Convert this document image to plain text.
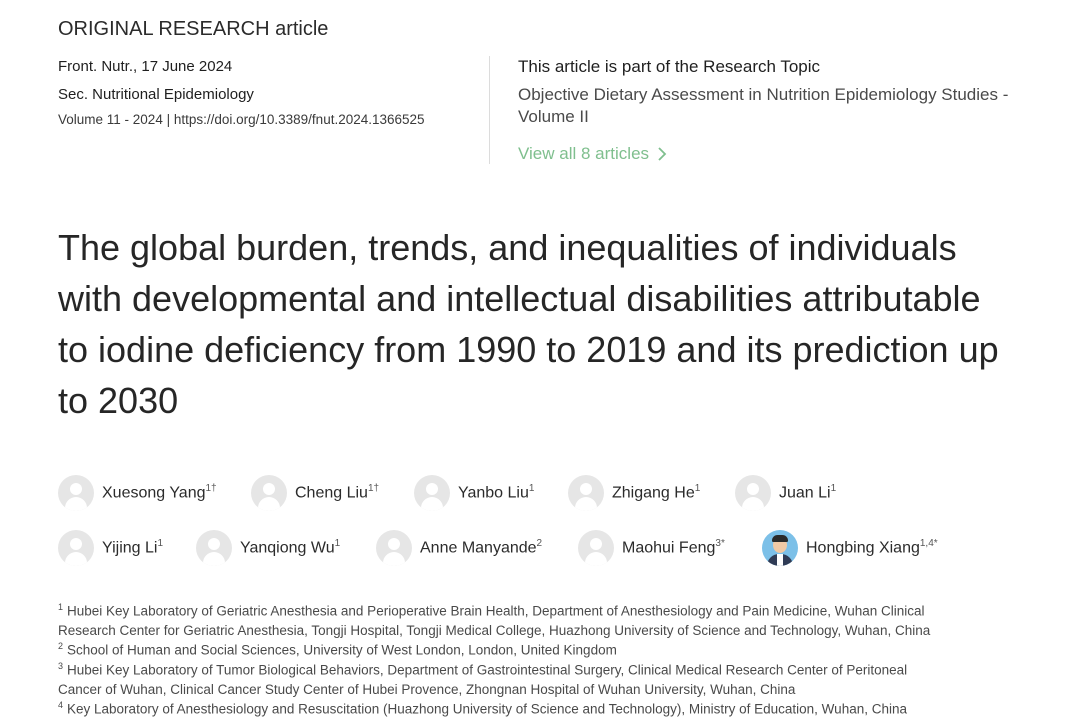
ORIGINAL RESEARCH article
Front. Nutr., 17 June 2024
Sec. Nutritional Epidemiology
Volume 11 - 2024 | https://doi.org/10.3389/fnut.2024.1366525
This article is part of the Research Topic
Objective Dietary Assessment in Nutrition Epidemiology Studies - Volume II
View all 8 articles
The global burden, trends, and inequalities of individuals with developmental and intellectual disabilities attributable to iodine deficiency from 1990 to 2019 and its prediction up to 2030
Xuesong Yang$^{1\dagger}$	Cheng Liu$^{1\dagger}$	Yanbo Liu$^1$	Zhigang He$^1$	Juan Li$^1$
Yijing Li$^1$	Yanqiong Wu$^1$	Anne Manyande$^2$	Maohui Feng$^{3*}$	Hongbing Xiang$^{1,4*}$
$^1$ Hubei Key Laboratory of Geriatric Anesthesia and Perioperative Brain Health, Department of Anesthesiology and Pain Medicine, Wuhan Clinical
Research Center for Geriatric Anesthesia, Tongji Hospital, Tongji Medical College, Huazhong University of Science and Technology, Wuhan, China
$^2$ School of Human and Social Sciences, University of West London, London, United Kingdom
$^3$ Hubei Key Laboratory of Tumor Biological Behaviors, Department of Gastrointestinal Surgery, Clinical Medical Research Center of Peritoneal
Cancer of Wuhan, Clinical Cancer Study Center of Hubei Provence, Zhongnan Hospital of Wuhan University, Wuhan, China
$^4$ Key Laboratory of Anesthesiology and Resuscitation (Huazhong University of Science and Technology), Ministry of Education, Wuhan, China
